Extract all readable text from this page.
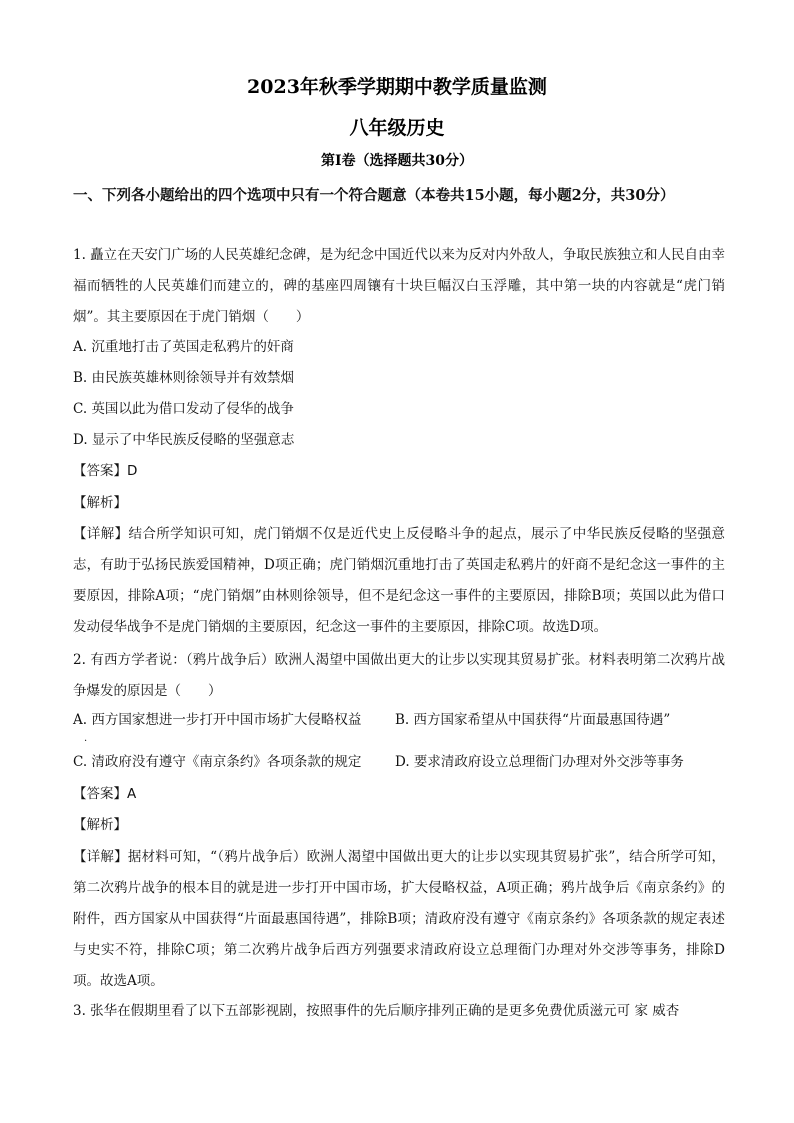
2023年秋季学期期中教学质量监测
八年级历史
第Ⅰ卷（选择题共30分）
一、下列各小题给出的四个选项中只有一个符合题意（本卷共15小题，每小题2分，共30分）
1. 矗立在天安门广场的人民英雄纪念碑，是为纪念中国近代以来为反对内外敌人，争取民族独立和人民自由幸福而牺牲的人民英雄们而建立的，碑的基座四周镶有十块巨幅汉白玉浮雕，其中第一块的内容就是“虎门销烟”。其主要原因在于虎门销烟（　　）
A. 沉重地打击了英国走私鸦片的奸商
B. 由民族英雄林则徐领导并有效禁烟
C. 英国以此为借口发动了侵华的战争
D. 显示了中华民族反侵略的坚强意志
【答案】D
【解析】
【详解】结合所学知识可知，虎门销烟不仅是近代史上反侵略斗争的起点，展示了中华民族反侵略的坚强意志，有助于弘扬民族爱国精神，D项正确；虎门销烟沉重地打击了英国走私鸦片的奸商不是纪念这一事件的主要原因，排除A项；“虎门销烟”由林则徐领导，但不是纪念这一事件的主要原因，排除B项；英国以此为借口发动侵华战争不是虎门销烟的主要原因，纪念这一事件的主要原因，排除C项。故选D项。
2. 有西方学者说：（鸦片战争后）欧洲人渴望中国做出更大的让步以实现其贸易扩张。材料表明第二次鸦片战争爆发的原因是（　　）
A. 西方国家想进一步打开中国市场扩大侵略权益 B. 西方国家希望从中国获得“片面最惠国待遇”
.
C. 清政府没有遵守《南京条约》各项条款的规定 D. 要求清政府设立总理衙门办理对外交涉等事务
【答案】A
【解析】
【详解】据材料可知，“（鸦片战争后）欧洲人渴望中国做出更大的让步以实现其贸易扩张”，结合所学可知，第二次鸦片战争的根本目的就是进一步打开中国市场，扩大侵略权益，A项正确；鸦片战争后《南京条约》的附件，西方国家从中国获得“片面最惠国待遇”，排除B项；清政府没有遵守《南京条约》各项条款的规定表述与史实不符，排除C项；第二次鸦片战争后西方列强要求清政府设立总理衙门办理对外交涉等事务，排除D项。故选A项。
3. 张华在假期里看了以下五部影视剧，按照事件的先后顺序排列正确的是更多免费优质滋元可 家 威杏
